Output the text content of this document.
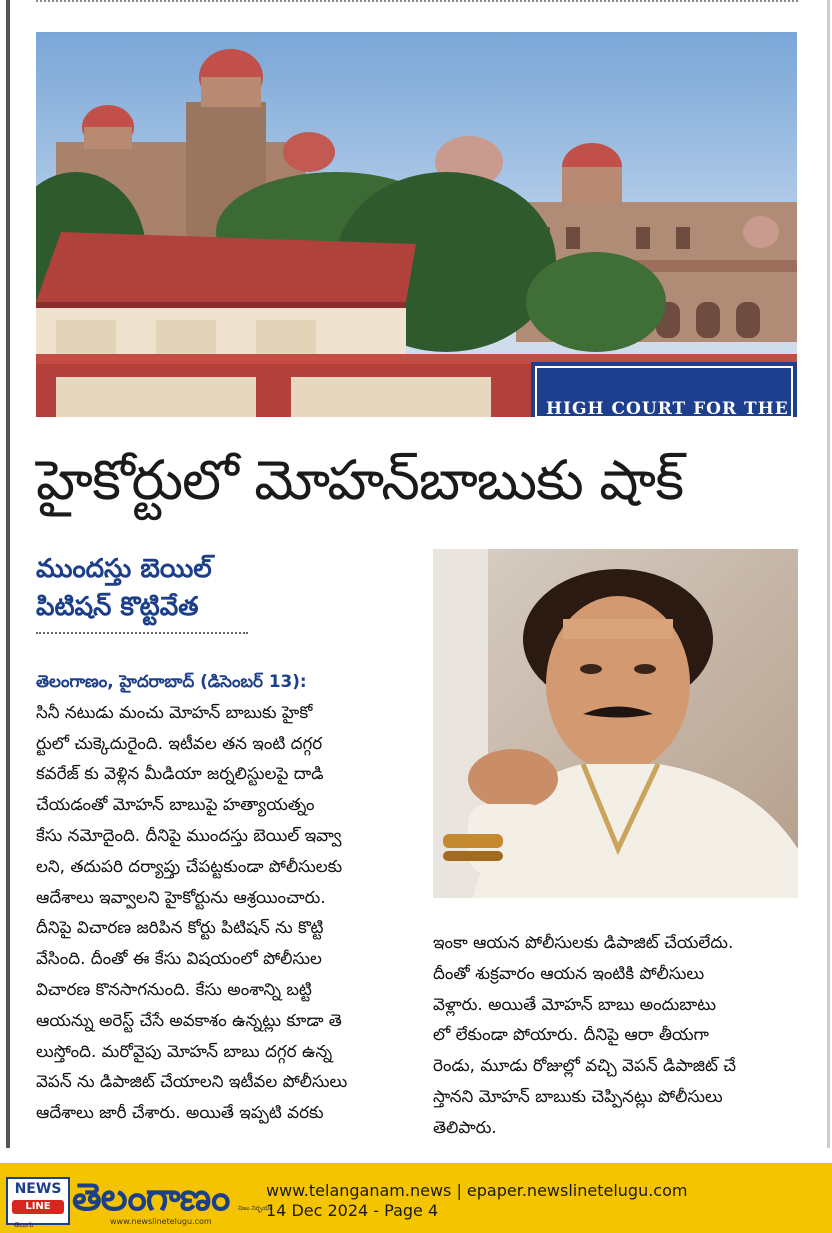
HIGH COURT FOR THE
హైకోర్టులో మోహన్‌బాబుకు షాక్
ముందస్తు బెయిల్
పిటిషన్ కొట్టివేత
తెలంగాణం, హైదరాబాద్ (డిసెంబర్ 13):
సినీ నటుడు మంచు మోహన్ బాబుకు హైకో
ర్టులో చుక్కెదురైంది. ఇటీవల తన ఇంటి దగ్గర
కవరేజ్ కు వెళ్లిన మీడియా జర్నలిస్టులపై దాడి
చేయడంతో మోహన్ బాబుపై హత్యాయత్నం
కేసు నమోదైంది. దీనిపై ముందస్తు బెయిల్ ఇవ్వా
లని, తదుపరి దర్యాప్తు చేపట్టకుండా పోలీసులకు
ఆదేశాలు ఇవ్వాలని హైకోర్టును ఆశ్రయించారు.
దీనిపై విచారణ జరిపిన కోర్టు పిటిషన్ ను కొట్టి
వేసింది. దీంతో ఈ కేసు విషయంలో పోలీసుల
విచారణ కొనసాగనుంది. కేసు అంశాన్ని బట్టి
ఆయన్ను అరెస్ట్ చేసే అవకాశం ఉన్నట్లు కూడా తె
లుస్తోంది. మరోవైపు మోహన్ బాబు దగ్గర ఉన్న
వెపన్ ను డిపాజిట్ చేయాలని ఇటీవల పోలీసులు
ఆదేశాలు జారీ చేశారు. అయితే ఇప్పటి వరకు
ఇంకా ఆయన పోలీసులకు డిపాజిట్ చేయలేదు.
దీంతో శుక్రవారం ఆయన ఇంటికి పోలీసులు
వెళ్లారు. అయితే మోహన్ బాబు అందుబాటు
లో లేకుండా పోయారు. దీనిపై ఆరా తీయగా
రెండు, మూడు రోజుల్లో వచ్చి వెపన్ డిపాజిట్ చే
స్తానని మోహన్ బాబుకు చెప్పినట్లు పోలీసులు
తెలిపారు.
NEWS
LINE
తెలుగు
తెలంగాణం
www.newslinetelugu.com
నిజం నిర్భయం
www.telanganam.news | epaper.newslinetelugu.com
14 Dec 2024 - Page 4
